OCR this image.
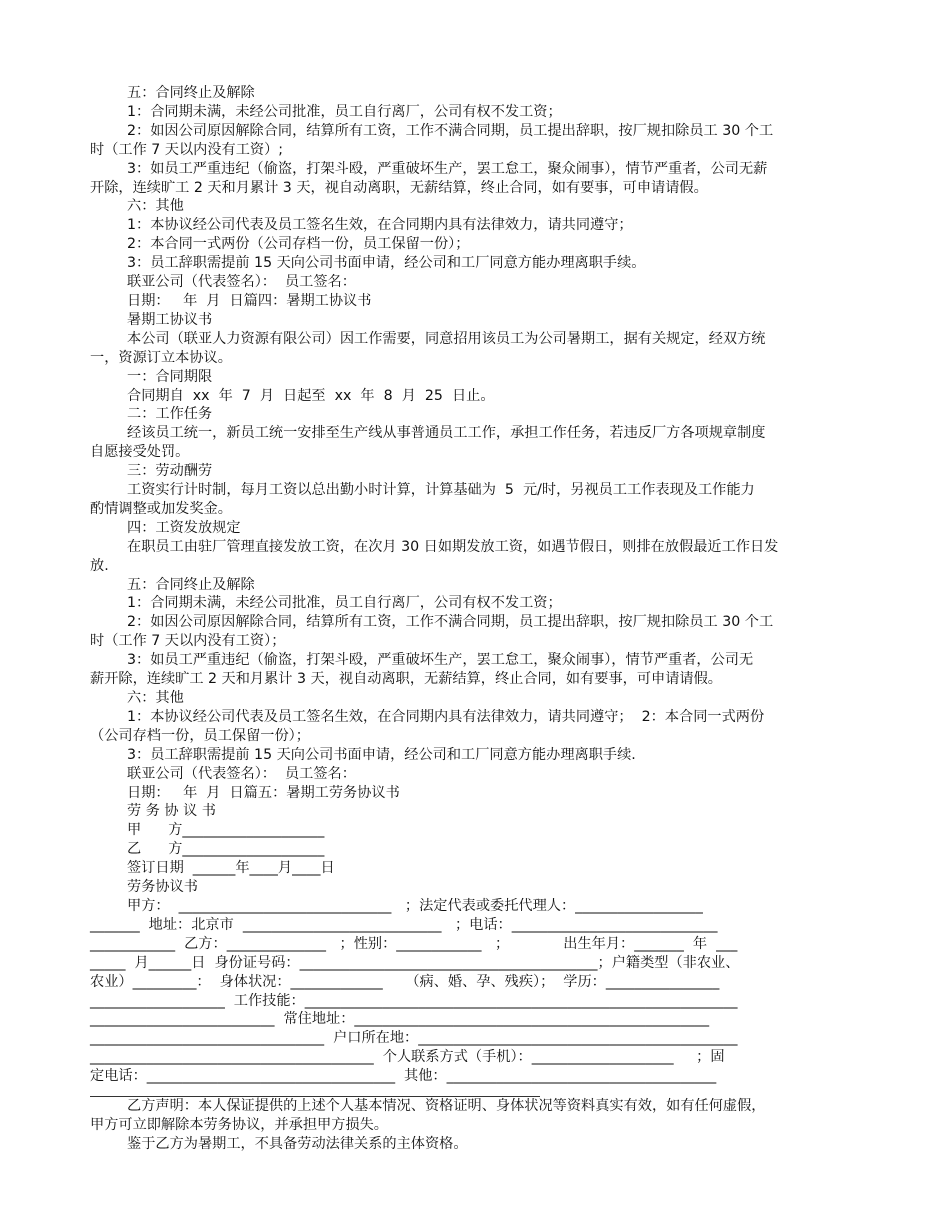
五：合同终止及解除
1：合同期未满，未经公司批准，员工自行离厂，公司有权不发工资；
2：如因公司原因解除合同，结算所有工资，工作不满合同期，员工提出辞职，按厂规扣除员工 30 个工
时（工作 7 天以内没有工资）;
3：如员工严重违纪（偷盗，打架斗殴，严重破坏生产，罢工怠工，聚众闹事），情节严重者，公司无薪
开除，连续旷工 2 天和月累计 3 天，视自动离职，无薪结算，终止合同，如有要事，可申请请假。
六：其他
1：本协议经公司代表及员工签名生效，在合同期内具有法律效力，请共同遵守；
2：本合同一式两份（公司存档一份，员工保留一份）；
3：员工辞职需提前 15 天向公司书面申请，经公司和工厂同意方能办理离职手续。
联亚公司（代表签名）：  员工签名：
日期：   年  月  日篇四：暑期工协议书
暑期工协议书
本公司（联亚人力资源有限公司）因工作需要，同意招用该员工为公司暑期工，据有关规定，经双方统
一，资源订立本协议。
一：合同期限
合同期自  xx  年  7  月  日起至  xx  年  8  月  25  日止。
二：工作任务
经该员工统一，新员工统一安排至生产线从事普通员工工作，承担工作任务，若违反厂方各项规章制度
自愿接受处罚。
三：劳动酬劳
工资实行计时制，每月工资以总出勤小时计算，计算基础为  5  元/时，另视员工工作表现及工作能力
酌情调整或加发奖金。
四：工资发放规定
在职员工由驻厂管理直接发放工资，在次月 30 日如期发放工资，如遇节假日，则排在放假最近工作日发
放.
五：合同终止及解除
1：合同期未满，未经公司批准，员工自行离厂，公司有权不发工资；
2：如因公司原因解除合同，结算所有工资，工作不满合同期，员工提出辞职，按厂规扣除员工 30 个工
时（工作 7 天以内没有工资）；
3：如员工严重违纪（偷盗，打架斗殴，严重破坏生产，罢工怠工，聚众闹事），情节严重者，公司无
薪开除，连续旷工 2 天和月累计 3 天，视自动离职，无薪结算，终止合同，如有要事，可申请请假。
六：其他
1：本协议经公司代表及员工签名生效，在合同期内具有法律效力，请共同遵守；  2：本合同一式两份
（公司存档一份，员工保留一份）；
3：员工辞职需提前 15 天向公司书面申请，经公司和工厂同意方能办理离职手续.
联亚公司（代表签名）：  员工签名：
日期：   年  月  日篇五：暑期工劳务协议书
劳 务 协 议 书
甲      方____________________
乙      方____________________
签订日期  ______年____月____日
劳务协议书
甲方：  ______________________________   ；法定代表或委托代理人：__________________
_______  地址：北京市  ____________________________   ；电话：_____________________________
____________  乙方：______________   ；性别：____________   ；            出生年月：_______  年  ___
_____  月______日  身份证号码：__________________________________________；户籍类型（非农业、
农业）_________：  身体状况：_____________     （病、婚、孕、残疾）；  学历：________________
___________________  工作技能：_____________________________________________________________
__________________________  常住地址：__________________________________________________
_________________________________  户口所在地：_____________________________________________
________________________________________  个人联系方式（手机）：____________________     ；固
定电话：___________________________________  其他：______________________________________
乙方声明：本人保证提供的上述个人基本情况、资格证明、身体状况等资料真实有效，如有任何虚假，
甲方可立即解除本劳务协议，并承担甲方损失。
鉴于乙方为暑期工，不具备劳动法律关系的主体资格。
